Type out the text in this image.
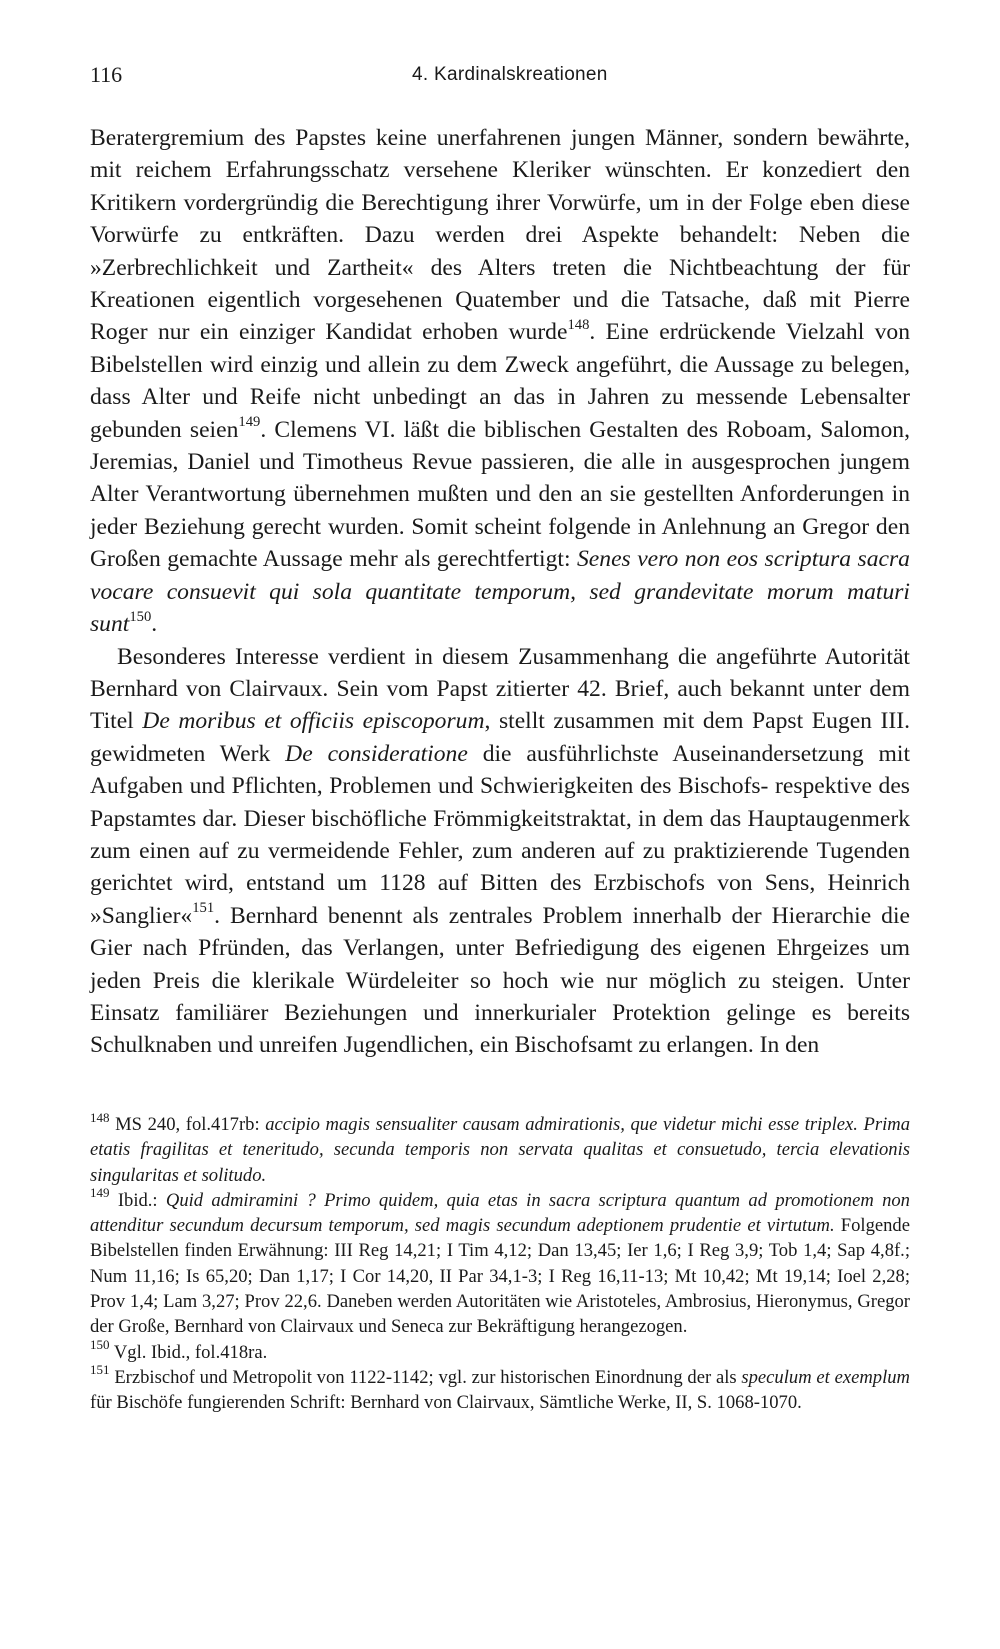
116	4. Kardinalskreationen

Beratergremium des Papstes keine unerfahrenen jungen Männer, sondern bewährte, mit reichem Erfahrungsschatz versehene Kleriker wünschten. Er konzediert den Kritikern vordergründig die Berechtigung ihrer Vorwürfe, um in der Folge eben diese Vorwürfe zu entkräften. Dazu werden drei Aspekte behandelt: Neben die »Zerbrechlichkeit und Zartheit« des Alters treten die Nichtbeachtung der für Kreationen eigentlich vorgesehenen Quatember und die Tatsache, daß mit Pierre Roger nur ein einziger Kandidat erhoben wurde$^{148}$. Eine erdrückende Vielzahl von Bibelstellen wird einzig und allein zu dem Zweck angeführt, die Aussage zu belegen, dass Alter und Reife nicht unbedingt an das in Jahren zu messende Lebensalter gebunden seien$^{149}$. Clemens VI. läßt die biblischen Gestalten des Roboam, Salomon, Jeremias, Daniel und Timotheus Revue passieren, die alle in ausgesprochen jungem Alter Verantwortung übernehmen mußten und den an sie gestellten Anforderungen in jeder Beziehung gerecht wurden. Somit scheint folgende in Anlehnung an Gregor den Großen gemachte Aussage mehr als gerechtfertigt: Senes vero non eos scriptura sacra vocare consuevit qui sola quantitate temporum, sed grandevitate morum maturi sunt$^{150}$.

Besonderes Interesse verdient in diesem Zusammenhang die angeführte Autorität Bernhard von Clairvaux. Sein vom Papst zitierter 42. Brief, auch bekannt unter dem Titel De moribus et officiis episcoporum, stellt zusammen mit dem Papst Eugen III. gewidmeten Werk De consideratione die ausführlichste Auseinandersetzung mit Aufgaben und Pflichten, Problemen und Schwierigkeiten des Bischofs- respektive des Papstamtes dar. Dieser bischöfliche Frömmigkeitstraktat, in dem das Hauptaugenmerk zum einen auf zu vermeidende Fehler, zum anderen auf zu praktizierende Tugenden gerichtet wird, entstand um 1128 auf Bitten des Erzbischofs von Sens, Heinrich »Sanglier«$^{151}$. Bernhard benennt als zentrales Problem innerhalb der Hierarchie die Gier nach Pfründen, das Verlangen, unter Befriedigung des eigenen Ehrgeizes um jeden Preis die klerikale Würdeleiter so hoch wie nur möglich zu steigen. Unter Einsatz familiärer Beziehungen und innerkurialer Protektion gelinge es bereits Schulknaben und unreifen Jugendlichen, ein Bischofsamt zu erlangen. In den

$^{148}$ MS 240, fol.417rb: accipio magis sensualiter causam admirationis, que videtur michi esse triplex. Prima etatis fragilitas et teneritudo, secunda temporis non servata qualitas et consuetudo, tercia elevationis singularitas et solitudo.

$^{149}$ Ibid.: Quid admiramini ? Primo quidem, quia etas in sacra scriptura quantum ad promotionem non attenditur secundum decursum temporum, sed magis secundum adeptionem prudentie et virtutum. Folgende Bibelstellen finden Erwähnung: III Reg 14,21; I Tim 4,12; Dan 13,45; Ier 1,6; I Reg 3,9; Tob 1,4; Sap 4,8f.; Num 11,16; Is 65,20; Dan 1,17; I Cor 14,20, II Par 34,1-3; I Reg 16,11-13; Mt 10,42; Mt 19,14; Ioel 2,28; Prov 1,4; Lam 3,27; Prov 22,6. Daneben werden Autoritäten wie Aristoteles, Ambrosius, Hieronymus, Gregor der Große, Bernhard von Clairvaux und Seneca zur Bekräftigung herangezogen.

$^{150}$ Vgl. Ibid., fol.418ra.

$^{151}$ Erzbischof und Metropolit von 1122-1142; vgl. zur historischen Einordnung der als speculum et exemplum für Bischöfe fungierenden Schrift: Bernhard von Clairvaux, Sämtliche Werke, II, S. 1068-1070.
